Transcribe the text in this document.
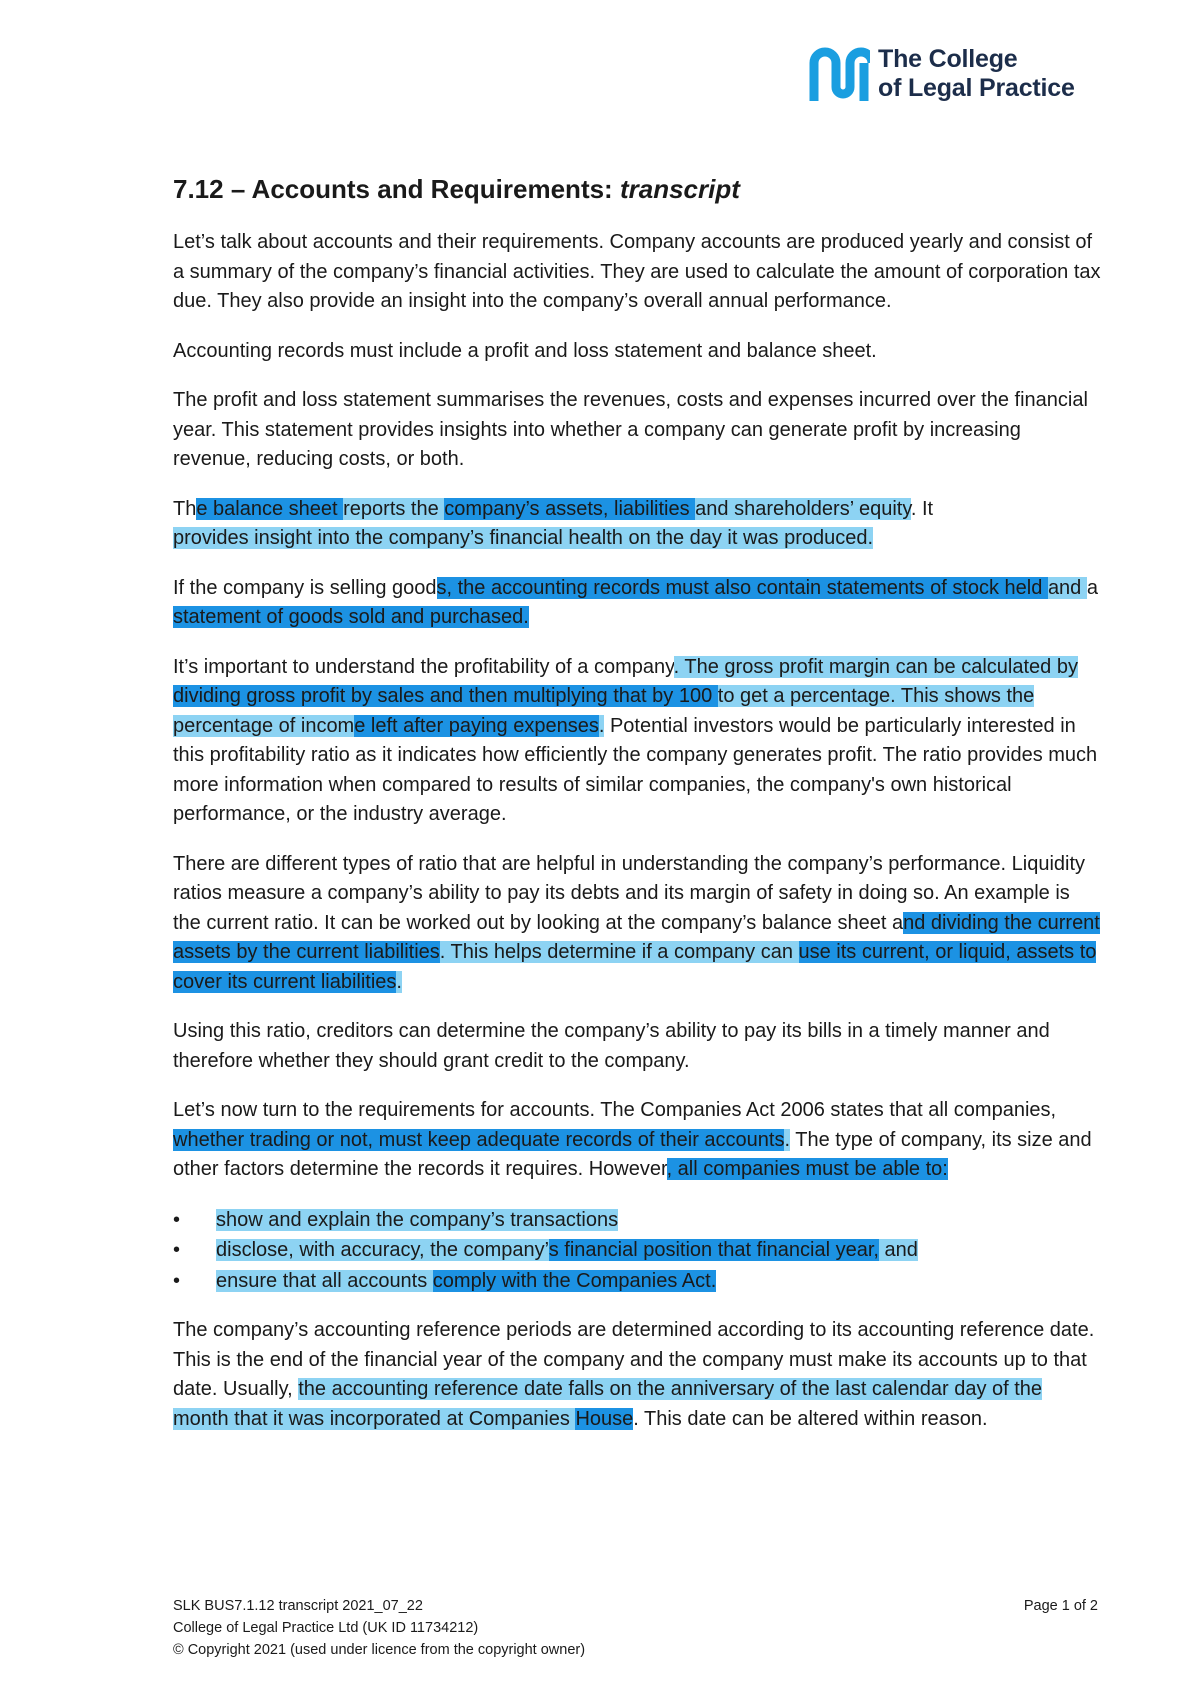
The College
of Legal Practice
7.12 – Accounts and Requirements: transcript

Let’s talk about accounts and their requirements. Company accounts are produced yearly and consist of a summary of the company’s financial activities. They are used to calculate the amount of corporation tax due. They also provide an insight into the company’s overall annual performance.

Accounting records must include a profit and loss statement and balance sheet.

The profit and loss statement summarises the revenues, costs and expenses incurred over the financial year. This statement provides insights into whether a company can generate profit by increasing revenue, reducing costs, or both.

The balance sheet reports the company’s assets, liabilities and shareholders’ equity. It
provides insight into the company’s financial health on the day it was produced.

If the company is selling goods, the accounting records must also contain statements of stock held and a statement of goods sold and purchased.

It’s important to understand the profitability of a company. The gross profit margin can be calculated by dividing gross profit by sales and then multiplying that by 100 to get a percentage. This shows the percentage of income left after paying expenses. Potential investors would be particularly interested in this profitability ratio as it indicates how efficiently the company generates profit. The ratio provides much more information when compared to results of similar companies, the company's own historical performance, or the industry average.

There are different types of ratio that are helpful in understanding the company’s performance. Liquidity ratios measure a company’s ability to pay its debts and its margin of safety in doing so. An example is the current ratio. It can be worked out by looking at the company’s balance sheet and dividing the current assets by the current liabilities. This helps determine if a company can use its current, or liquid, assets to cover its current liabilities.

Using this ratio, creditors can determine the company’s ability to pay its bills in a timely manner and therefore whether they should grant credit to the company.

Let’s now turn to the requirements for accounts. The Companies Act 2006 states that all companies, whether trading or not, must keep adequate records of their accounts. The type of company, its size and other factors determine the records it requires. However, all companies must be able to:

• show and explain the company’s transactions
• disclose, with accuracy, the company’s financial position that financial year, and
• ensure that all accounts comply with the Companies Act.

The company’s accounting reference periods are determined according to its accounting reference date. This is the end of the financial year of the company and the company must make its accounts up to that date. Usually, the accounting reference date falls on the anniversary of the last calendar day of the month that it was incorporated at Companies House. This date can be altered within reason.

SLK BUS7.1.12 transcript 2021_07_22
College of Legal Practice Ltd (UK ID 11734212)
© Copyright 2021 (used under licence from the copyright owner)
Page 1 of 2
